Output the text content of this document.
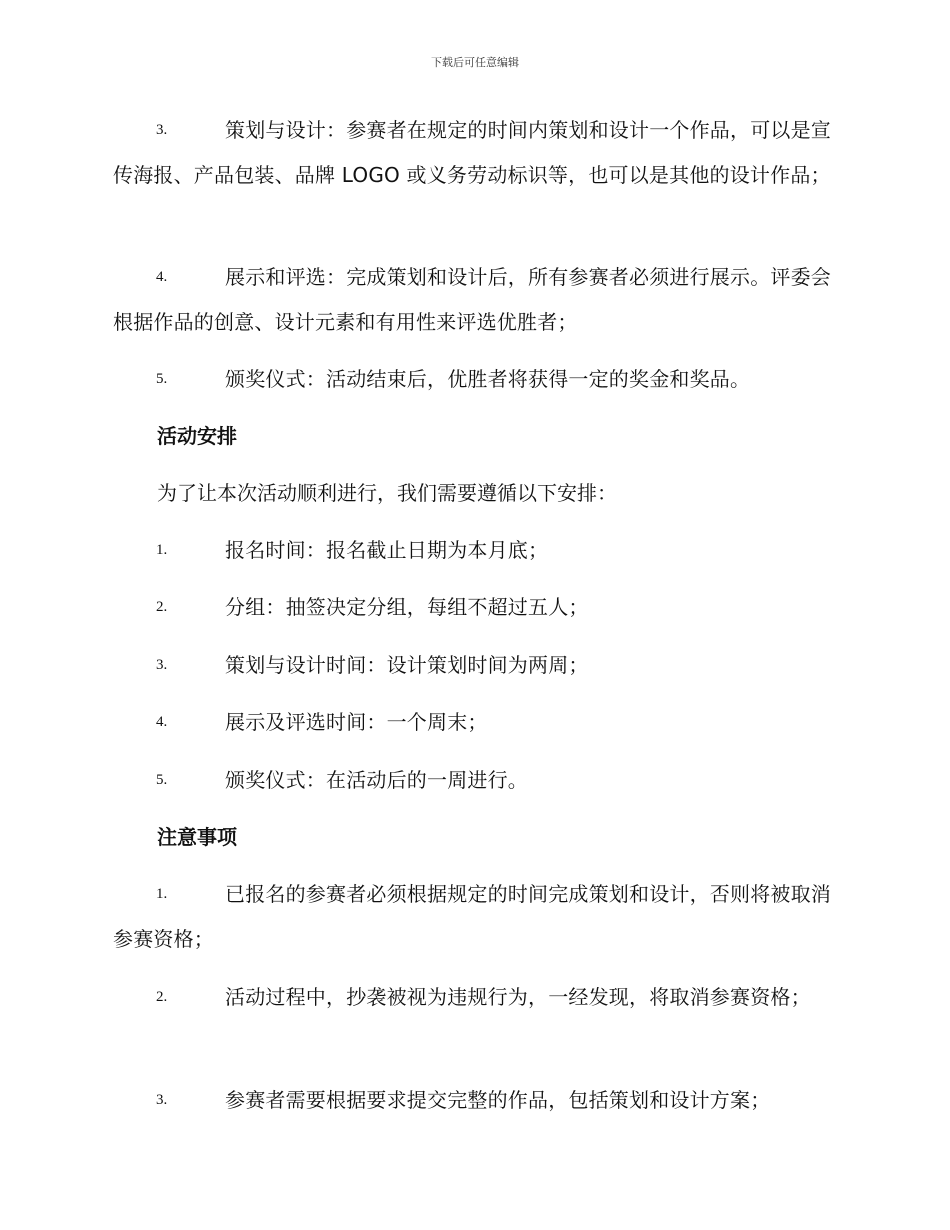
下载后可任意编辑
3.	策划与设计：参赛者在规定的时间内策划和设计一个作品，可以是宣传海报、产品包装、品牌 LOGO 或义务劳动标识等，也可以是其他的设计作品；
4.	展示和评选：完成策划和设计后，所有参赛者必须进行展示。评委会根据作品的创意、设计元素和有用性来评选优胜者；
5.	颁奖仪式：活动结束后，优胜者将获得一定的奖金和奖品。
活动安排
为了让本次活动顺利进行，我们需要遵循以下安排：
1.	报名时间：报名截止日期为本月底；
2.	分组：抽签决定分组，每组不超过五人；
3.	策划与设计时间：设计策划时间为两周；
4.	展示及评选时间：一个周末；
5.	颁奖仪式：在活动后的一周进行。
注意事项
1.	已报名的参赛者必须根据规定的时间完成策划和设计，否则将被取消参赛资格；
2.	活动过程中，抄袭被视为违规行为，一经发现，将取消参赛资格；
3.	参赛者需要根据要求提交完整的作品，包括策划和设计方案；
